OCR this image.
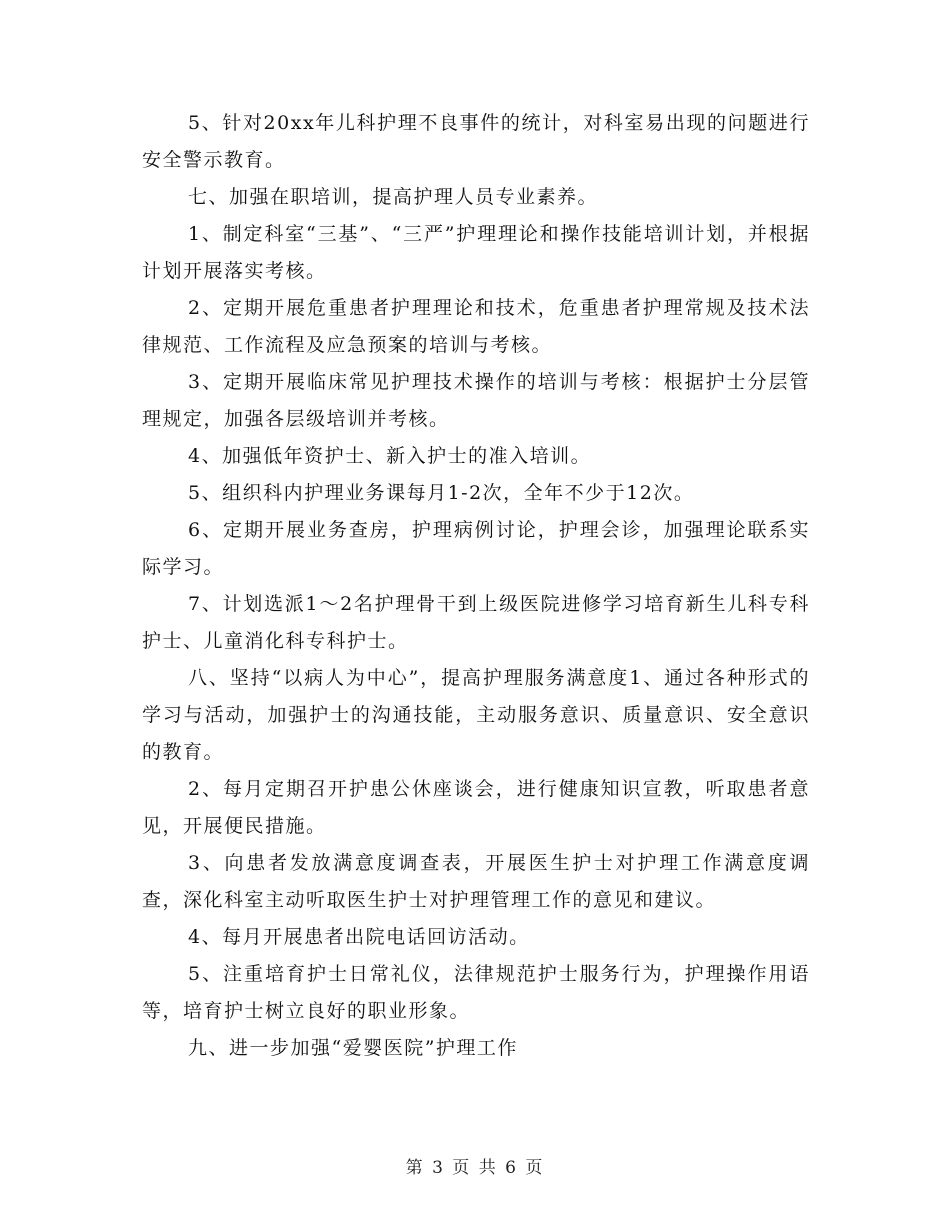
5、针对20xx年儿科护理不良事件的统计，对科室易出现的问题进行安全警示教育。

七、加强在职培训，提高护理人员专业素养。

1、制定科室“三基”、“三严”护理理论和操作技能培训计划，并根据计划开展落实考核。

2、定期开展危重患者护理理论和技术，危重患者护理常规及技术法律规范、工作流程及应急预案的培训与考核。

3、定期开展临床常见护理技术操作的培训与考核：根据护士分层管理规定，加强各层级培训并考核。

4、加强低年资护士、新入护士的准入培训。

5、组织科内护理业务课每月1-2次，全年不少于12次。

6、定期开展业务查房，护理病例讨论，护理会诊，加强理论联系实际学习。

7、计划选派1～2名护理骨干到上级医院进修学习培育新生儿科专科护士、儿童消化科专科护士。

八、坚持“以病人为中心”，提高护理服务满意度1、通过各种形式的学习与活动，加强护士的沟通技能，主动服务意识、质量意识、安全意识的教育。

2、每月定期召开护患公休座谈会，进行健康知识宣教，听取患者意见，开展便民措施。

3、向患者发放满意度调查表，开展医生护士对护理工作满意度调查，深化科室主动听取医生护士对护理管理工作的意见和建议。

4、每月开展患者出院电话回访活动。

5、注重培育护士日常礼仪，法律规范护士服务行为，护理操作用语等，培育护士树立良好的职业形象。

九、进一步加强“爱婴医院”护理工作

第 3 页 共 6 页
